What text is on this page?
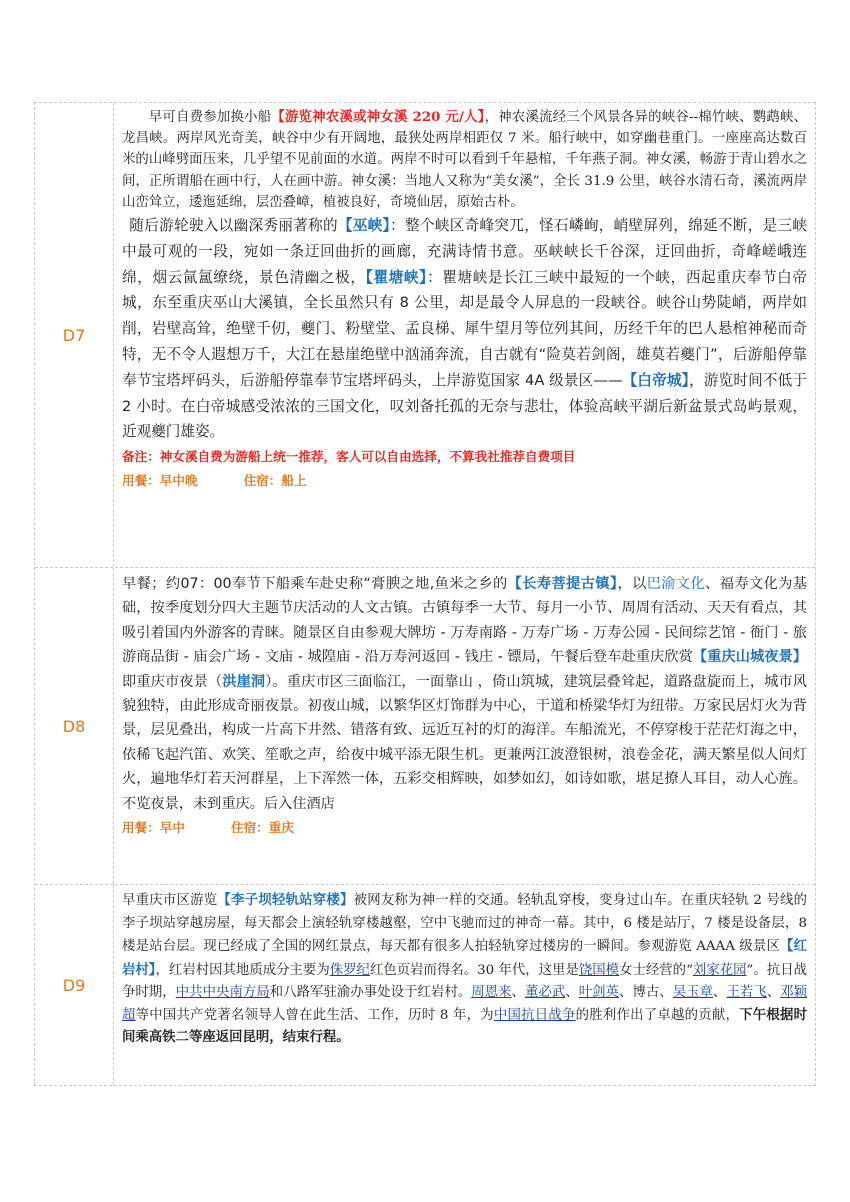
D7

早可自费参加换小船【游览神农溪或神女溪 220 元/人】，神农溪流经三个风景各异的峡谷--棉竹峡、鹦鹉峡、龙昌峡。两岸风光奇美，峡谷中少有开阔地，最狭处两岸相距仅 7 米。船行峡中，如穿幽巷重门。一座座高达数百米的山峰劈面压来，几乎望不见前面的水道。两岸不时可以看到千年悬棺，千年燕子洞。神女溪，畅游于青山碧水之间，正所谓船在画中行，人在画中游。神女溪：当地人又称为“美女溪”，全长 31.9 公里，峡谷水清石奇，溪流两岸山峦耸立，逶迤延绵，层峦叠嶂，植被良好，奇境仙居，原始古朴。

随后游轮驶入以幽深秀丽著称的【巫峡】：整个峡区奇峰突兀，怪石嶙峋，峭壁屏列，绵延不断，是三峡中最可观的一段，宛如一条迂回曲折的画廊，充满诗情书意。巫峡峡长千谷深，迂回曲折，奇峰嵯峨连绵，烟云氤氲缭绕，景色清幽之极，【瞿塘峡】：瞿塘峡是长江三峡中最短的一个峡，西起重庆奉节白帝城，东至重庆巫山大溪镇，全长虽然只有 8 公里，却是最令人屏息的一段峡谷。峡谷山势陡峭，两岸如削，岩壁高耸，绝壁千仞，夔门、粉壁堂、孟良梯、犀牛望月等位列其间，历经千年的巴人悬棺神秘而奇特，无不令人遐想万千，大江在悬崖绝壁中汹涌奔流，自古就有“险莫若剑阁，雄莫若夔门”，后游船停靠奉节宝塔坪码头，后游船停靠奉节宝塔坪码头，上岸游览国家 4A 级景区——【白帝城】，游览时间不低于 2 小时。在白帝城感受浓浓的三国文化，叹刘备托孤的无奈与悲壮，体验高峡平湖后新盆景式岛屿景观，近观夔门雄姿。

备注：神女溪自费为游船上统一推荐，客人可以自由选择，不算我社推荐自费项目

用餐：早中晚	住宿：船上

D8

早餐；约07：00奉节下船乘车赴史称“膏腴之地,鱼米之乡的【长寿菩提古镇】，以巴渝文化、福寿文化为基础，按季度划分四大主题节庆活动的人文古镇。古镇每季一大节、每月一小节、周周有活动、天天有看点，其吸引着国内外游客的青睐。随景区自由参观大牌坊 - 万寿南路 - 万寿广场 - 万寿公园 - 民间综艺馆 - 衙门 - 旅游商品街 - 庙会广场 - 文庙 - 城隍庙 - 沿万寿河返回 - 钱庄 - 镖局，午餐后登车赴重庆欣赏【重庆山城夜景】即重庆市夜景（洪崖洞）。重庆市区三面临江，一面靠山 ，倚山筑城，建筑层叠耸起，道路盘旋而上，城市风貌独特，由此形成奇丽夜景。初夜山城，以繁华区灯饰群为中心，干道和桥梁华灯为纽带。万家民居灯火为背景，层见叠出，构成一片高下井然、错落有致、远近互衬的灯的海洋。车船流光，不停穿梭于茫茫灯海之中，依稀飞起汽笛、欢笑、笙歌之声，给夜中城平添无限生机。更兼两江波澄银树，浪卷金花，满天繁星似人间灯火，遍地华灯若天河群星，上下浑然一体，五彩交相辉映，如梦如幻，如诗如歌，堪足撩人耳目，动人心旌。不览夜景，未到重庆。后入住酒店

用餐：早中	住宿：重庆

D9

早重庆市区游览【李子坝轻轨站穿楼】被网友称为神一样的交通。轻轨乱穿梭，变身过山车。在重庆轻轨 2 号线的李子坝站穿越房屋，每天都会上演轻轨穿楼越壑，空中飞驰而过的神奇一幕。其中，6 楼是站厅，7 楼是设备层，8 楼是站台层。现已经成了全国的网红景点，每天都有很多人拍轻轨穿过楼房的一瞬间。参观游览 AAAA 级景区【红岩村】，红岩村因其地质成分主要为侏罗纪红色页岩而得名。30 年代，这里是饶国模女士经营的“刘家花园”。抗日战争时期，中共中央南方局和八路军驻渝办事处设于红岩村。周恩来、董必武、叶剑英、博古、吴玉章、王若飞、邓颖超等中国共产党著名领导人曾在此生活、工作，历时 8 年，为中国抗日战争的胜利作出了卓越的贡献，下午根据时间乘高铁二等座返回昆明，结束行程。
